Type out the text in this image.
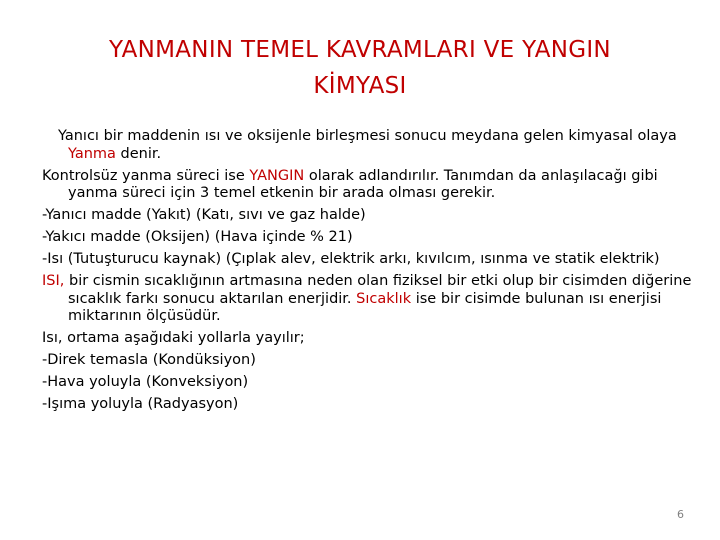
YANMANIN TEMEL KAVRAMLARI VE YANGIN
KİMYASI

Yanıcı bir maddenin ısı ve oksijenle birleşmesi sonucu meydana gelen kimyasal olaya Yanma denir.

Kontrolsüz yanma süreci ise YANGIN olarak adlandırılır. Tanımdan da anlaşılacağı gibi yanma süreci için 3 temel etkenin bir arada olması gerekir.

-Yanıcı madde (Yakıt) (Katı, sıvı ve gaz halde)

-Yakıcı madde (Oksijen) (Hava içinde % 21)

-Isı (Tutuşturucu kaynak) (Çıplak alev, elektrik arkı, kıvılcım, ısınma ve statik elektrik)

ISI, bir cismin sıcaklığının artmasına neden olan fiziksel bir etki olup bir cisimden diğerine sıcaklık farkı sonucu aktarılan enerjidir. Sıcaklık ise bir cisimde bulunan ısı enerjisi miktarının ölçüsüdür.

Isı, ortama aşağıdaki yollarla yayılır;

-Direk temasla (Kondüksiyon)

-Hava yoluyla (Konveksiyon)

-Işıma yoluyla (Radyasyon)

6
